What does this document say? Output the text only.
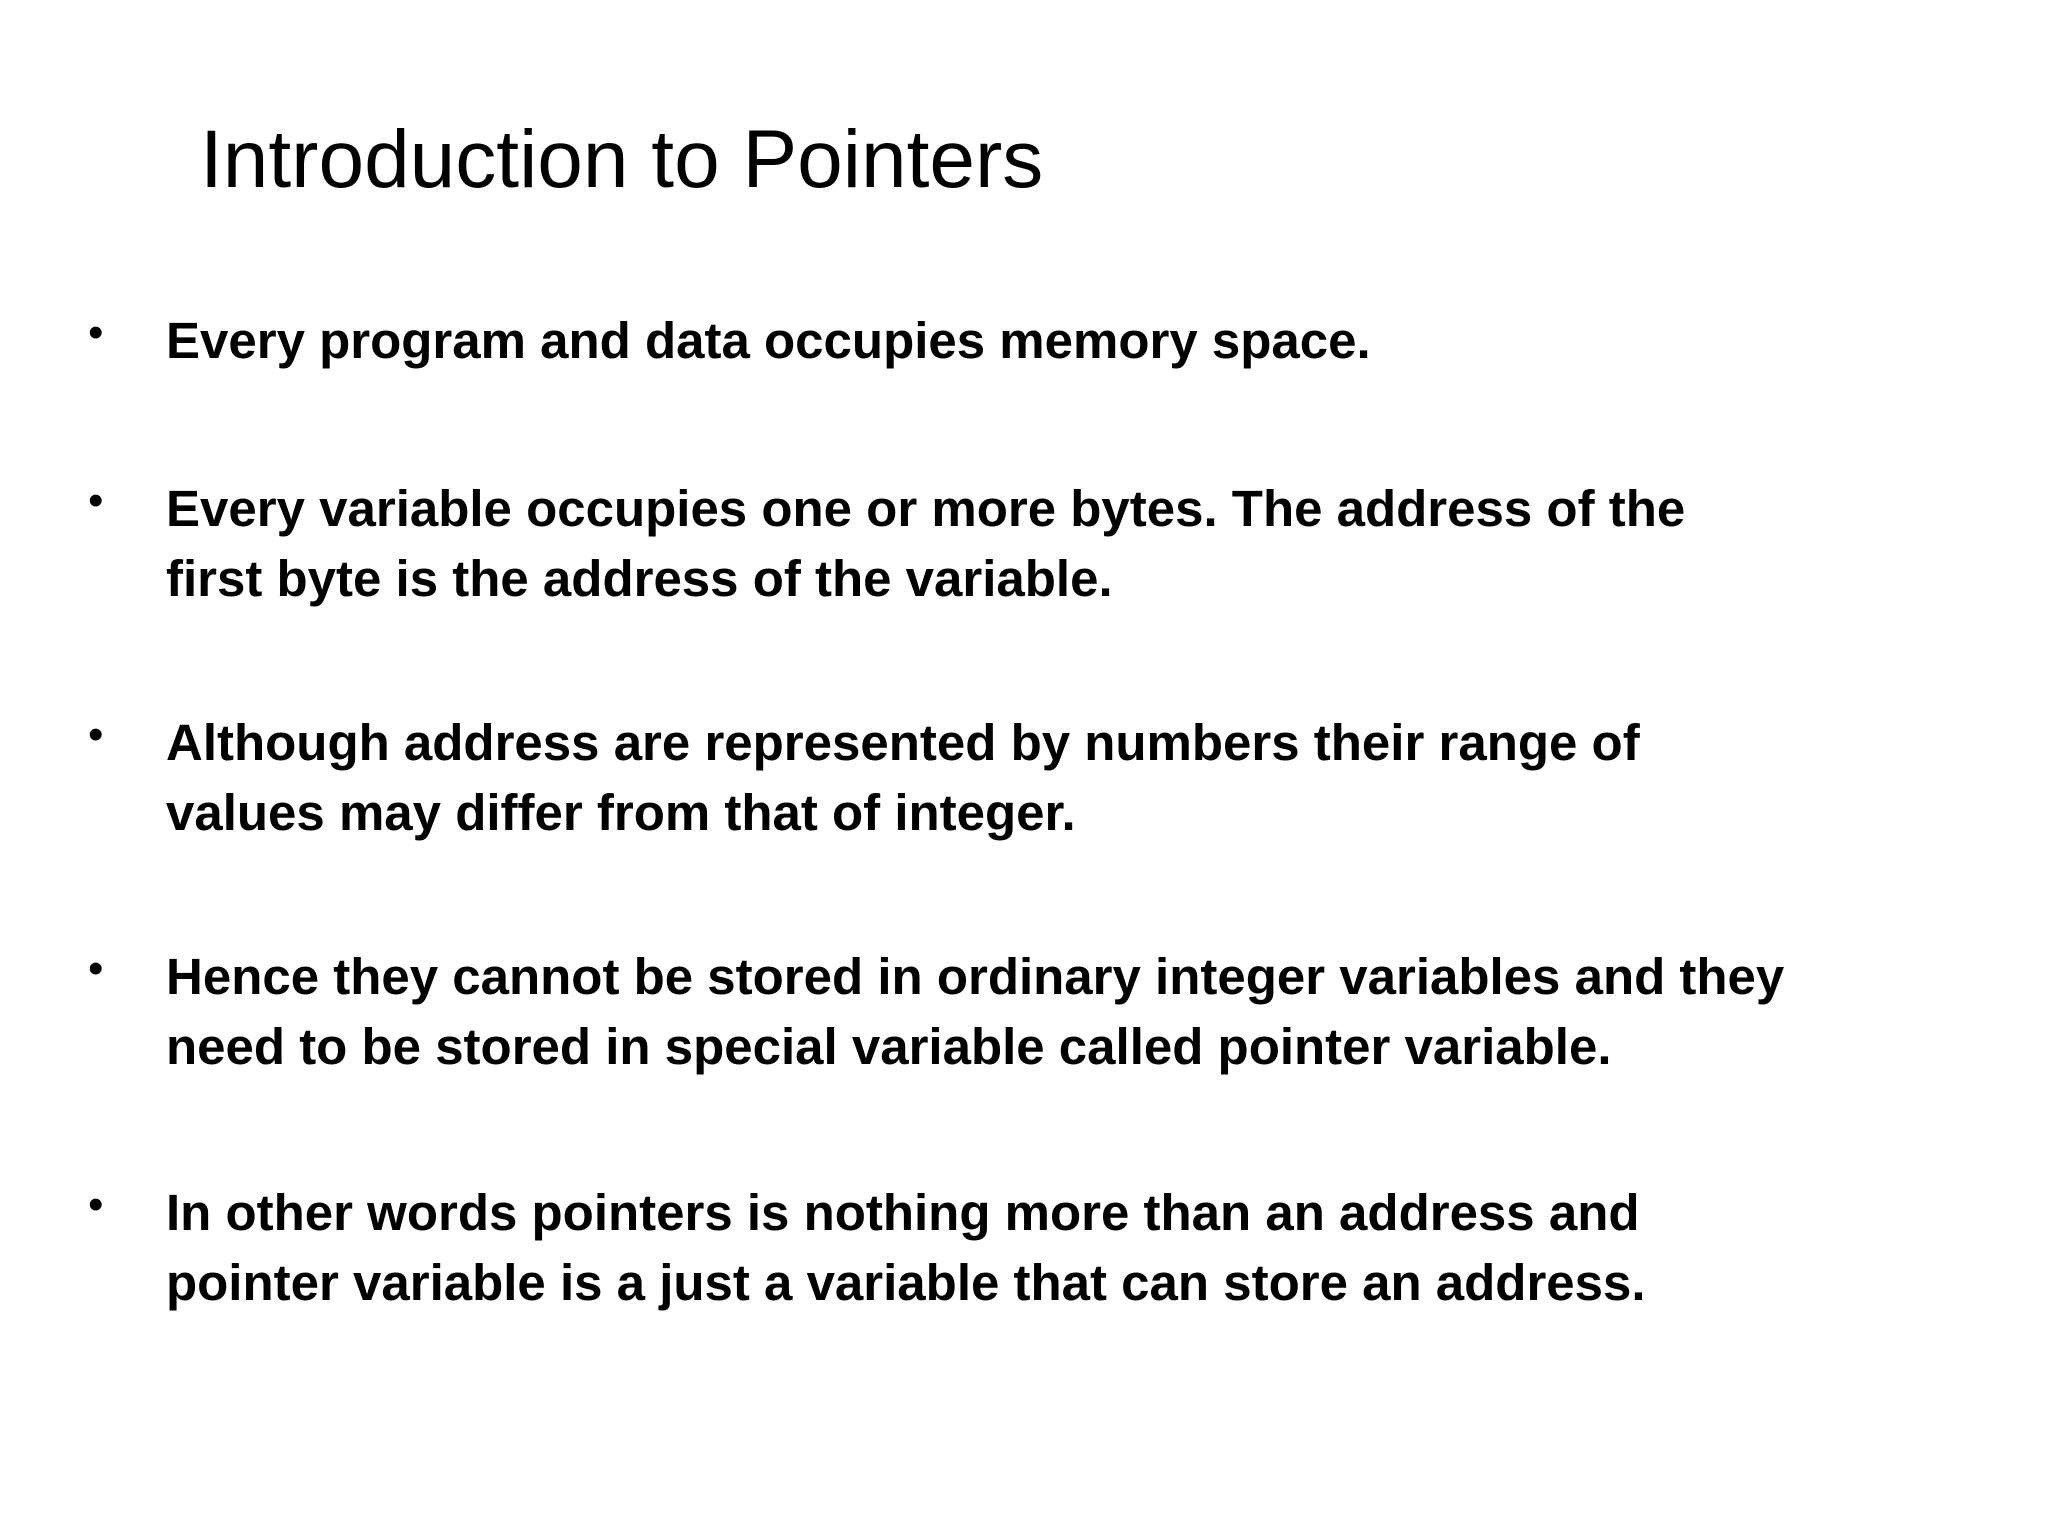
Introduction to Pointers
• Every program and data occupies memory space.

• Every variable occupies one or more bytes. The address of the
first byte is the address of the variable.

• Although address are represented by numbers their range of
values may differ from that of integer.

• Hence they cannot be stored in ordinary integer variables and they
need to be stored in special variable called pointer variable.

• In other words pointers is nothing more than an address and
pointer variable is a just a variable that can store an address.
